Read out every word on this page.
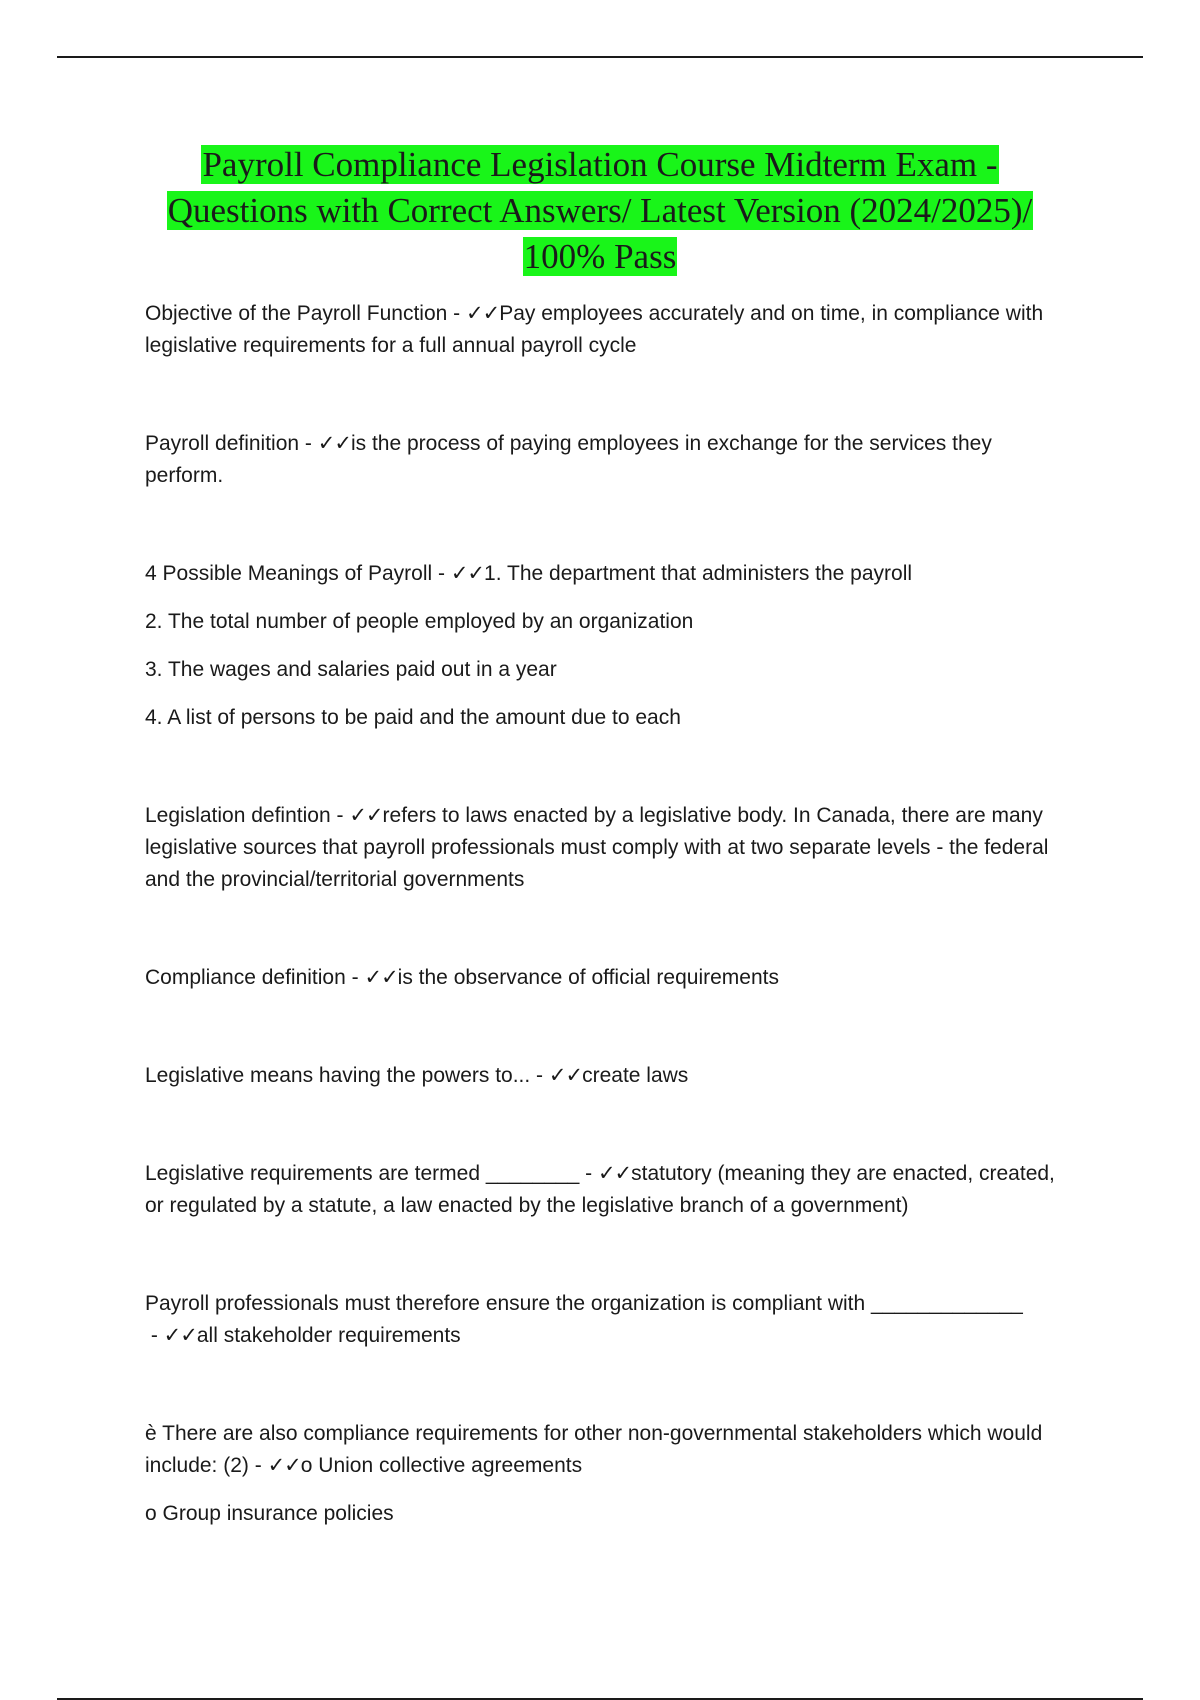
Payroll Compliance Legislation Course Midterm Exam -
Questions with Correct Answers/ Latest Version (2024/2025)/
100% Pass

Objective of the Payroll Function - ✓✓Pay employees accurately and on time, in compliance with legislative requirements for a full annual payroll cycle

Payroll definition - ✓✓is the process of paying employees in exchange for the services they perform.

4 Possible Meanings of Payroll - ✓✓1. The department that administers the payroll

2. The total number of people employed by an organization

3. The wages and salaries paid out in a year

4. A list of persons to be paid and the amount due to each

Legislation defintion - ✓✓refers to laws enacted by a legislative body. In Canada, there are many legislative sources that payroll professionals must comply with at two separate levels - the federal and the provincial/territorial governments

Compliance definition - ✓✓is the observance of official requirements

Legislative means having the powers to... - ✓✓create laws

Legislative requirements are termed ________ - ✓✓statutory (meaning they are enacted, created, or regulated by a statute, a law enacted by the legislative branch of a government)

Payroll professionals must therefore ensure the organization is compliant with _____________ - ✓✓all stakeholder requirements

è There are also compliance requirements for other non-governmental stakeholders which would include: (2) - ✓✓o Union collective agreements

o Group insurance policies
